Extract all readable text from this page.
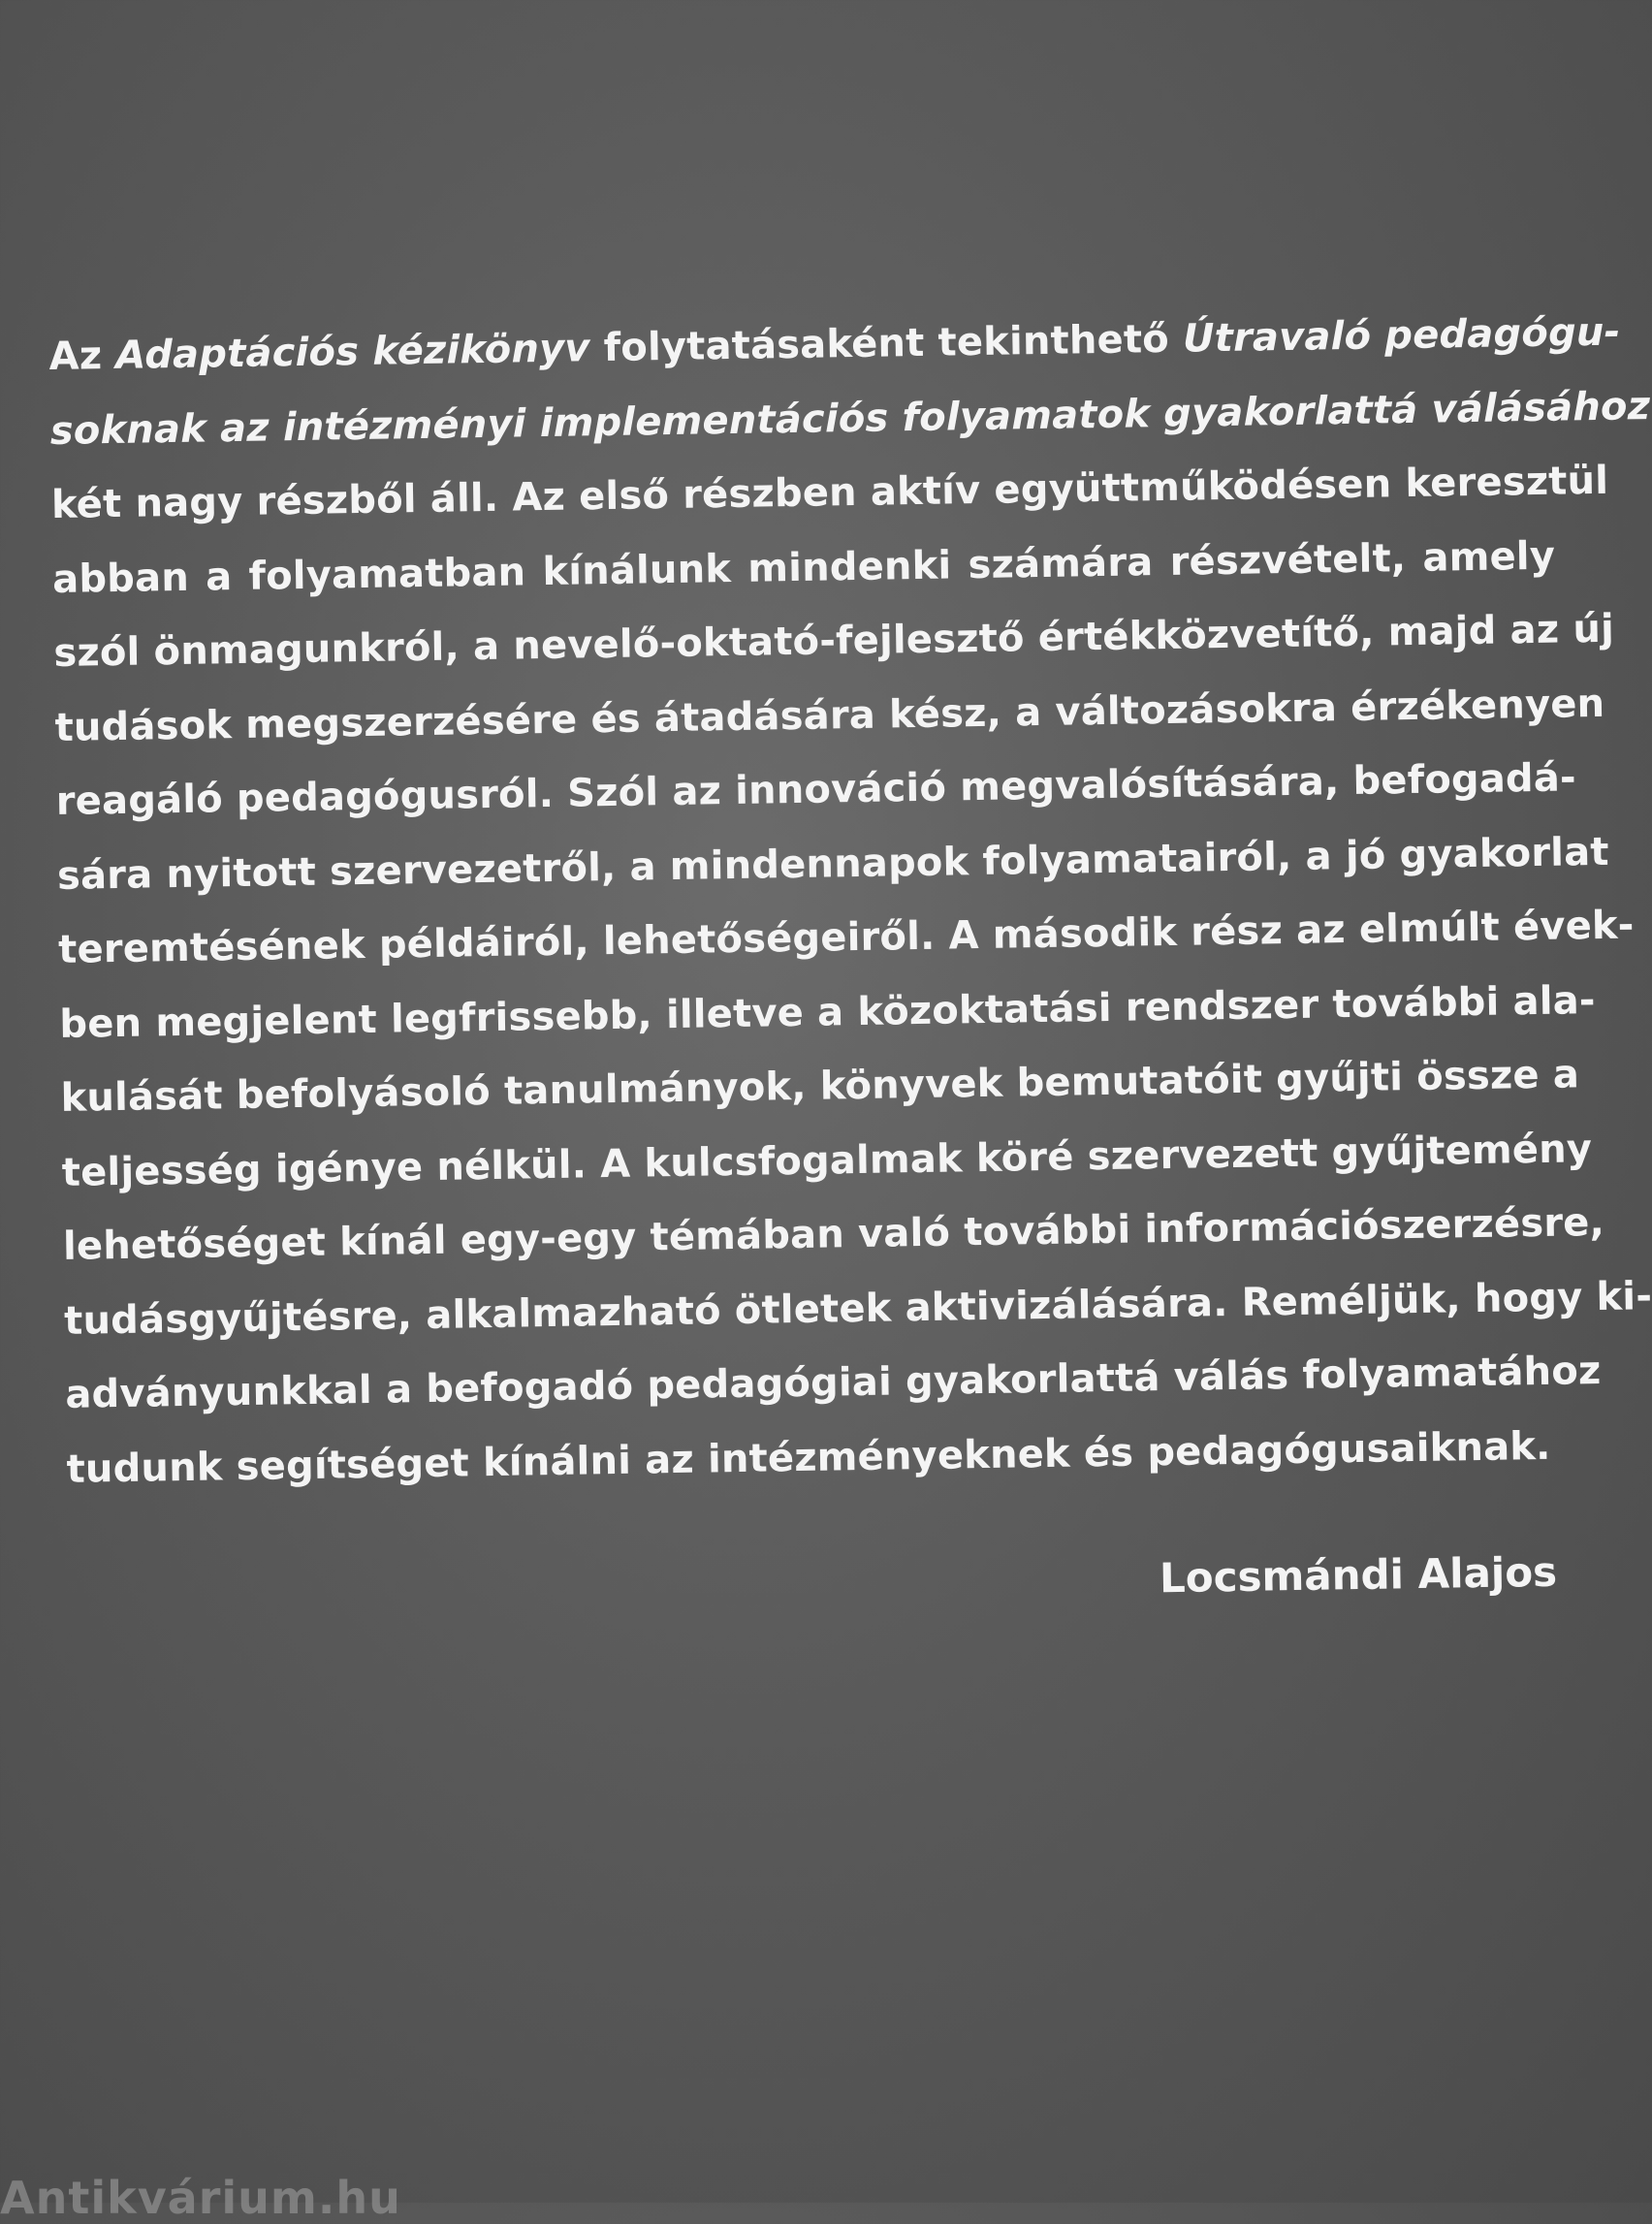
Az Adaptációs kézikönyv folytatásaként tekinthető Útravaló pedagógu-
soknak az intézményi implementációs folyamatok gyakorlattá válásához
két nagy részből áll. Az első részben aktív együttműködésen keresztül
abban a folyamatban kínálunk mindenki számára részvételt, amely
szól önmagunkról, a nevelő-oktató-fejlesztő értékközvetítő, majd az új
tudások megszerzésére és átadására kész, a változásokra érzékenyen
reagáló pedagógusról. Szól az innováció megvalósítására, befogadá-
sára nyitott szervezetről, a mindennapok folyamatairól, a jó gyakorlat
teremtésének példáiról, lehetőségeiről. A második rész az elmúlt évek-
ben megjelent legfrissebb, illetve a közoktatási rendszer további ala-
kulását befolyásoló tanulmányok, könyvek bemutatóit gyűjti össze a
teljesség igénye nélkül. A kulcsfogalmak köré szervezett gyűjtemény
lehetőséget kínál egy-egy témában való további információszerzésre,
tudásgyűjtésre, alkalmazható ötletek aktivizálására. Reméljük, hogy ki-
adványunkkal a befogadó pedagógiai gyakorlattá válás folyamatához
tudunk segítséget kínálni az intézményeknek és pedagógusaiknak.
Locsmándi Alajos
Antikvárium.hu
